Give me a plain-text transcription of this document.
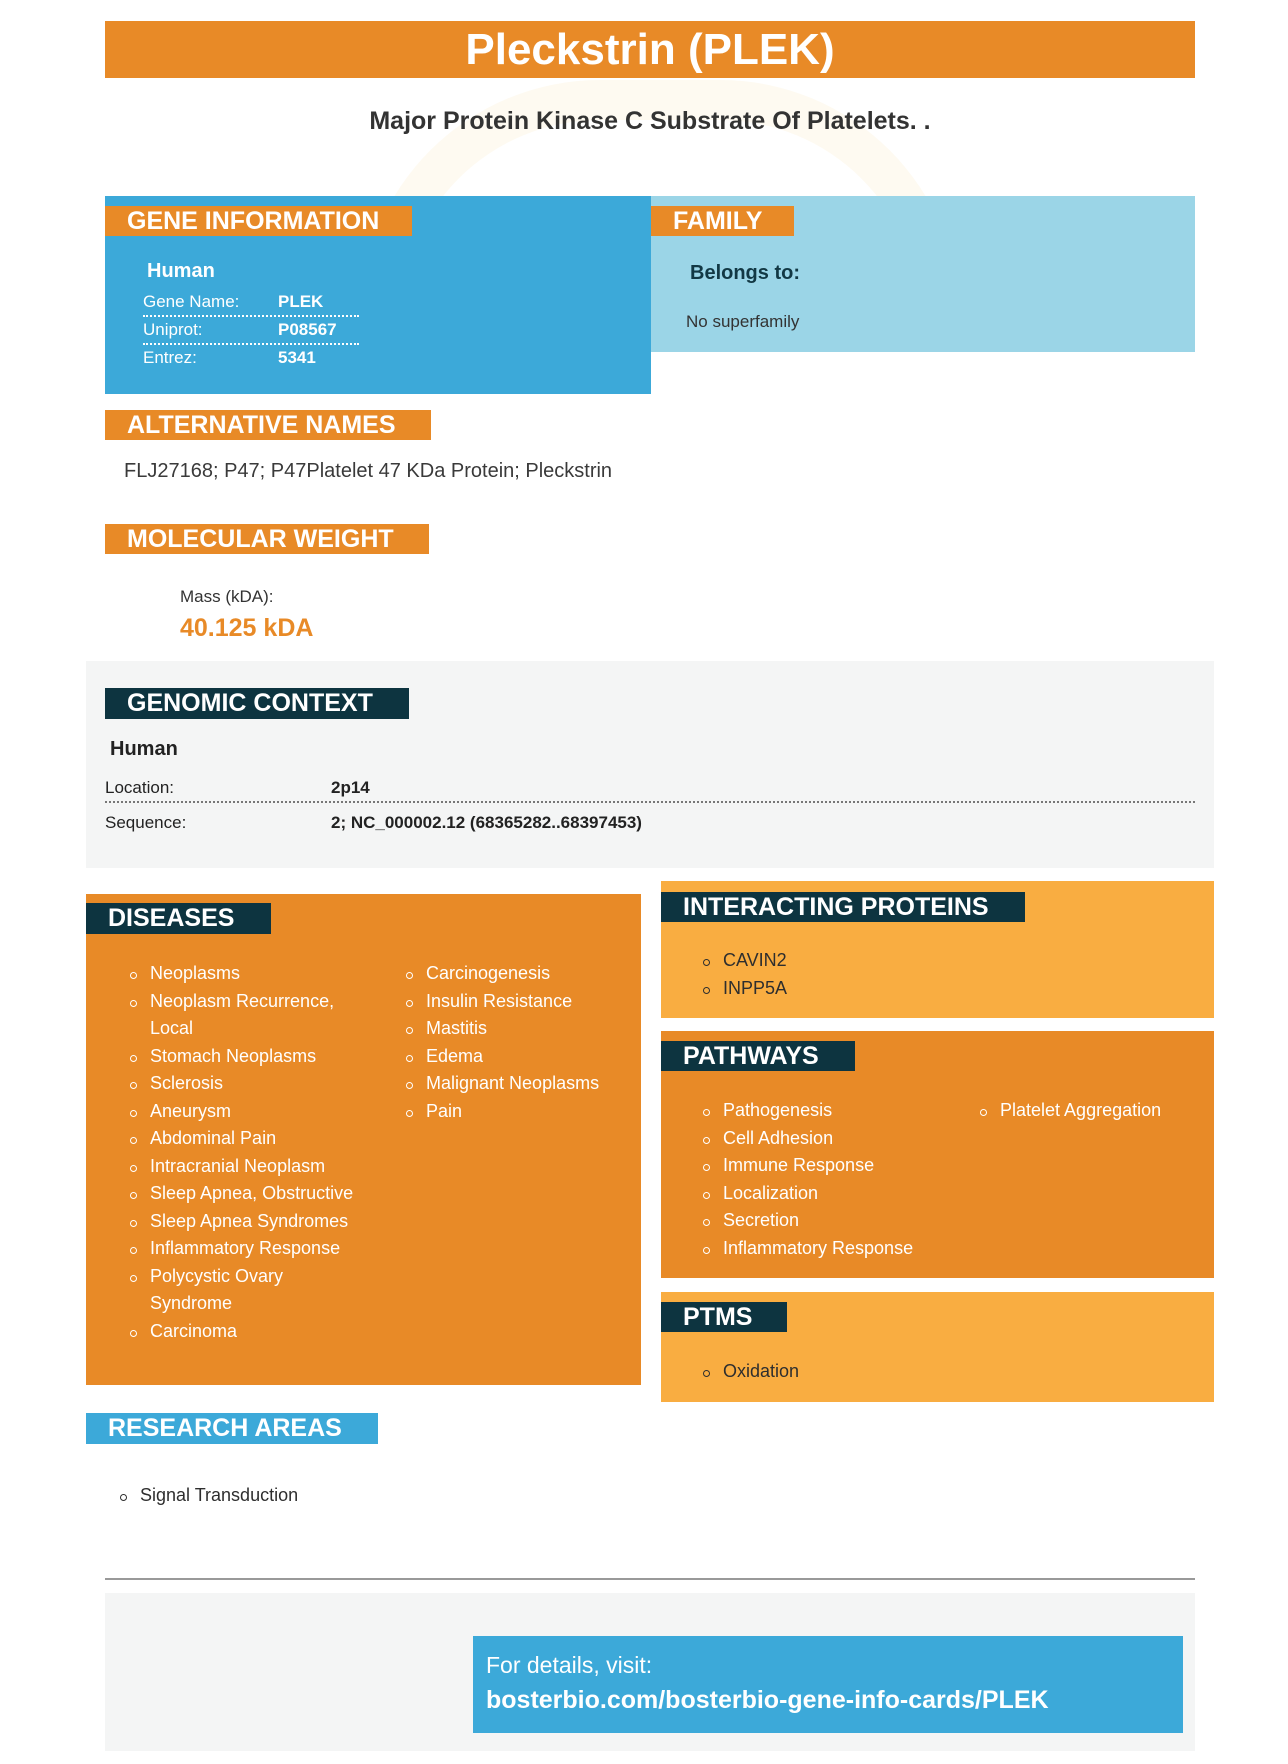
Pleckstrin (PLEK)
Major Protein Kinase C Substrate Of Platelets. .
GENE INFORMATION
Human
Gene Name: PLEK
Uniprot:	P08567
Entrez:	5341
FAMILY
Belongs to:
No superfamily
ALTERNATIVE NAMES
FLJ27168; P47; P47Platelet 47 KDa Protein; Pleckstrin
MOLECULAR WEIGHT
Mass (kDA):
40.125 kDA
GENOMIC CONTEXT
Human
Location:	2p14
Sequence:	2; NC_000002.12 (68365282..68397453)
DISEASES
Neoplasms
Neoplasm Recurrence, Local
Stomach Neoplasms
Sclerosis
Aneurysm
Abdominal Pain
Intracranial Neoplasm
Sleep Apnea, Obstructive
Sleep Apnea Syndromes
Inflammatory Response
Polycystic Ovary Syndrome
Carcinoma
Carcinogenesis
Insulin Resistance
Mastitis
Edema
Malignant Neoplasms
Pain
INTERACTING PROTEINS
CAVIN2
INPP5A
PATHWAYS
Pathogenesis
Cell Adhesion
Immune Response
Localization
Secretion
Inflammatory Response
Platelet Aggregation
PTMS
Oxidation
RESEARCH AREAS
Signal Transduction
For details, visit:
bosterbio.com/bosterbio-gene-info-cards/PLEK
